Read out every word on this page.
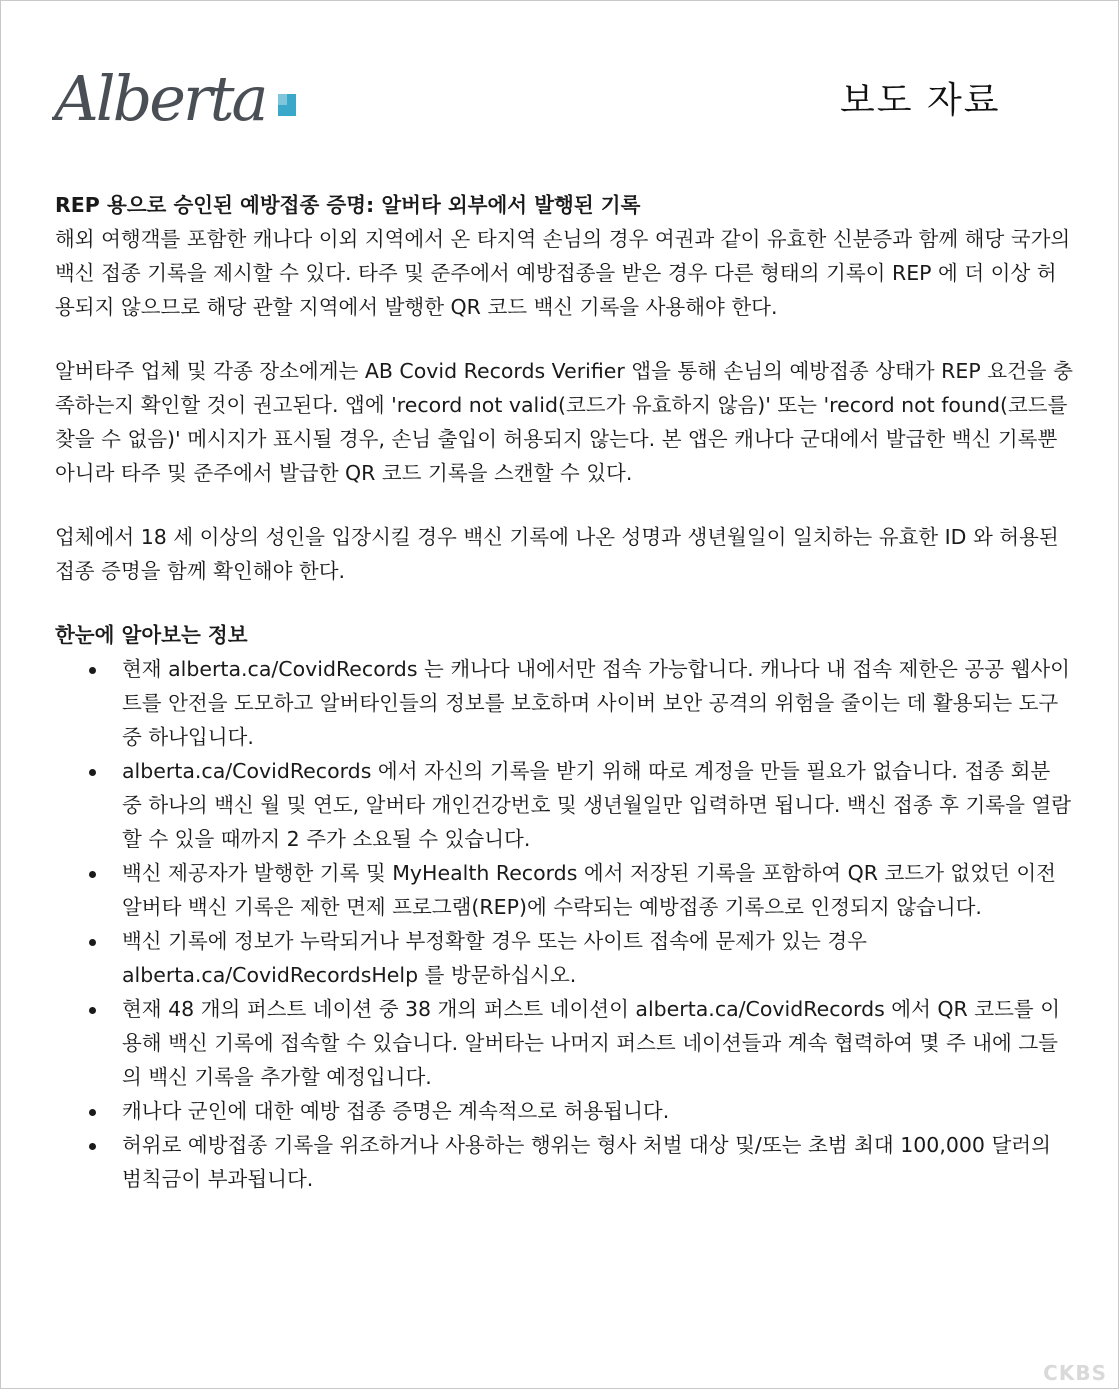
Alberta	보도 자료
REP 용으로 승인된 예방접종 증명: 알버타 외부에서 발행된 기록

해외 여행객를 포함한 캐나다 이외 지역에서 온 타지역 손님의 경우 여권과 같이 유효한 신분증과 함께 해당 국가의 백신 접종 기록을 제시할 수 있다. 타주 및 준주에서 예방접종을 받은 경우 다른 형태의 기록이 REP 에 더 이상 허용되지 않으므로 해당 관할 지역에서 발행한 QR 코드 백신 기록을 사용해야 한다.

알버타주 업체 및 각종 장소에게는 AB Covid Records Verifier 앱을 통해 손님의 예방접종 상태가 REP 요건을 충족하는지 확인할 것이 권고된다. 앱에 'record not valid(코드가 유효하지 않음)' 또는 'record not found(코드를 찾을 수 없음)' 메시지가 표시될 경우, 손님 출입이 허용되지 않는다. 본 앱은 캐나다 군대에서 발급한 백신 기록뿐 아니라 타주 및 준주에서 발급한 QR 코드 기록을 스캔할 수 있다.

업체에서 18 세 이상의 성인을 입장시킬 경우 백신 기록에 나온 성명과 생년월일이 일치하는 유효한 ID 와 허용된 접종 증명을 함께 확인해야 한다.

한눈에 알아보는 정보
현재 alberta.ca/CovidRecords 는 캐나다 내에서만 접속 가능합니다. 캐나다 내 접속 제한은 공공 웹사이트를 안전을 도모하고 알버타인들의 정보를 보호하며 사이버 보안 공격의 위험을 줄이는 데 활용되는 도구 중 하나입니다.
alberta.ca/CovidRecords 에서 자신의 기록을 받기 위해 따로 계정을 만들 필요가 없습니다. 접종 회분 중 하나의 백신 월 및 연도, 알버타 개인건강번호 및 생년월일만 입력하면 됩니다. 백신 접종 후 기록을 열람할 수 있을 때까지 2 주가 소요될 수 있습니다.
백신 제공자가 발행한 기록 및 MyHealth Records 에서 저장된 기록을 포함하여 QR 코드가 없었던 이전 알버타 백신 기록은 제한 면제 프로그램(REP)에 수락되는 예방접종 기록으로 인정되지 않습니다.
백신 기록에 정보가 누락되거나 부정확할 경우 또는 사이트 접속에 문제가 있는 경우 alberta.ca/CovidRecordsHelp 를 방문하십시오.
현재 48 개의 퍼스트 네이션 중 38 개의 퍼스트 네이션이 alberta.ca/CovidRecords 에서 QR 코드를 이용해 백신 기록에 접속할 수 있습니다. 알버타는 나머지 퍼스트 네이션들과 계속 협력하여 몇 주 내에 그들의 백신 기록을 추가할 예정입니다.
캐나다 군인에 대한 예방 접종 증명은 계속적으로 허용됩니다.
허위로 예방접종 기록을 위조하거나 사용하는 행위는 형사 처벌 대상 및/또는 초범 최대 100,000 달러의 범칙금이 부과됩니다.
CKBS
